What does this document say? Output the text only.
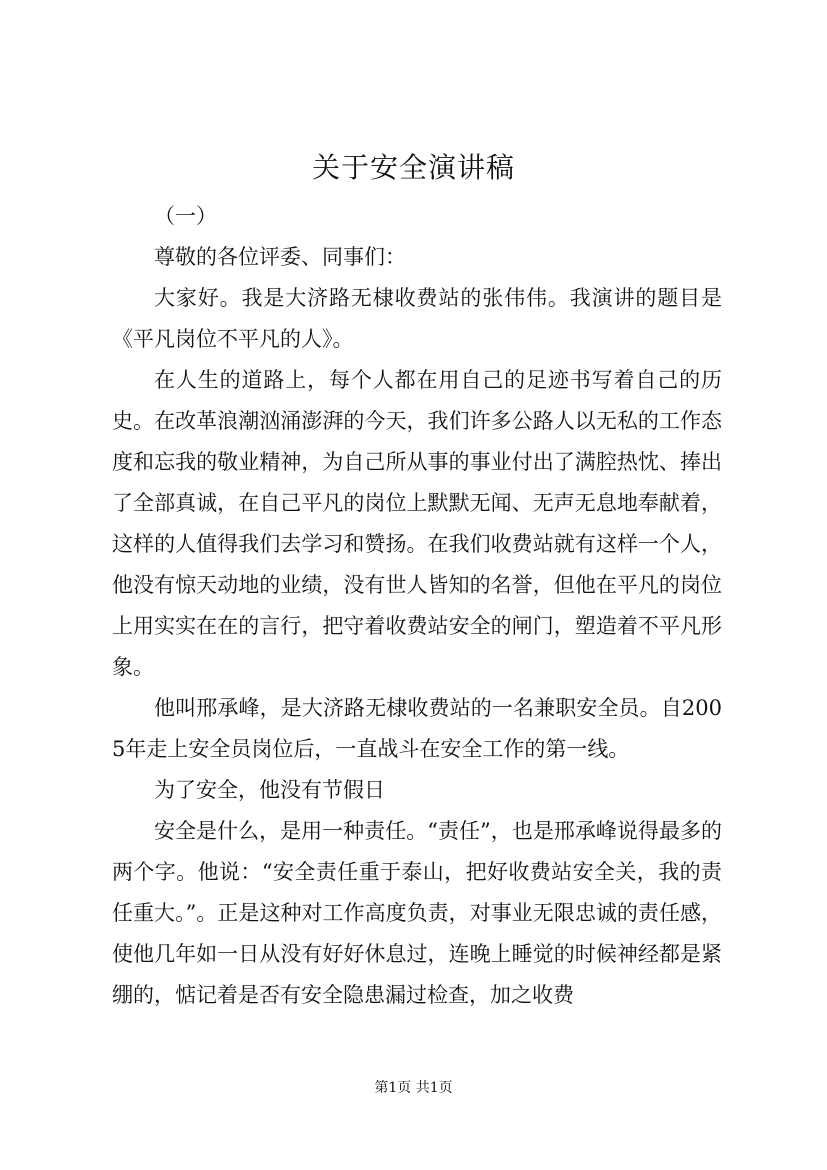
关于安全演讲稿

（一）

尊敬的各位评委、同事们：

大家好。我是大济路无棣收费站的张伟伟。我演讲的题目是《平凡岗位不平凡的人》。

在人生的道路上，每个人都在用自己的足迹书写着自己的历史。在改革浪潮汹涌澎湃的今天，我们许多公路人以无私的工作态度和忘我的敬业精神，为自己所从事的事业付出了满腔热忱、捧出了全部真诚，在自己平凡的岗位上默默无闻、无声无息地奉献着，这样的人值得我们去学习和赞扬。在我们收费站就有这样一个人，他没有惊天动地的业绩，没有世人皆知的名誉，但他在平凡的岗位上用实实在在的言行，把守着收费站安全的闸门，塑造着不平凡形象。

他叫邢承峰，是大济路无棣收费站的一名兼职安全员。自2005年走上安全员岗位后，一直战斗在安全工作的第一线。

为了安全，他没有节假日

安全是什么，是用一种责任。“责任”，也是邢承峰说得最多的两个字。他说：“安全责任重于泰山，把好收费站安全关，我的责任重大。”。正是这种对工作高度负责，对事业无限忠诚的责任感，使他几年如一日从没有好好休息过，连晚上睡觉的时候神经都是紧绷的，惦记着是否有安全隐患漏过检查，加之收费

第1页 共1页
